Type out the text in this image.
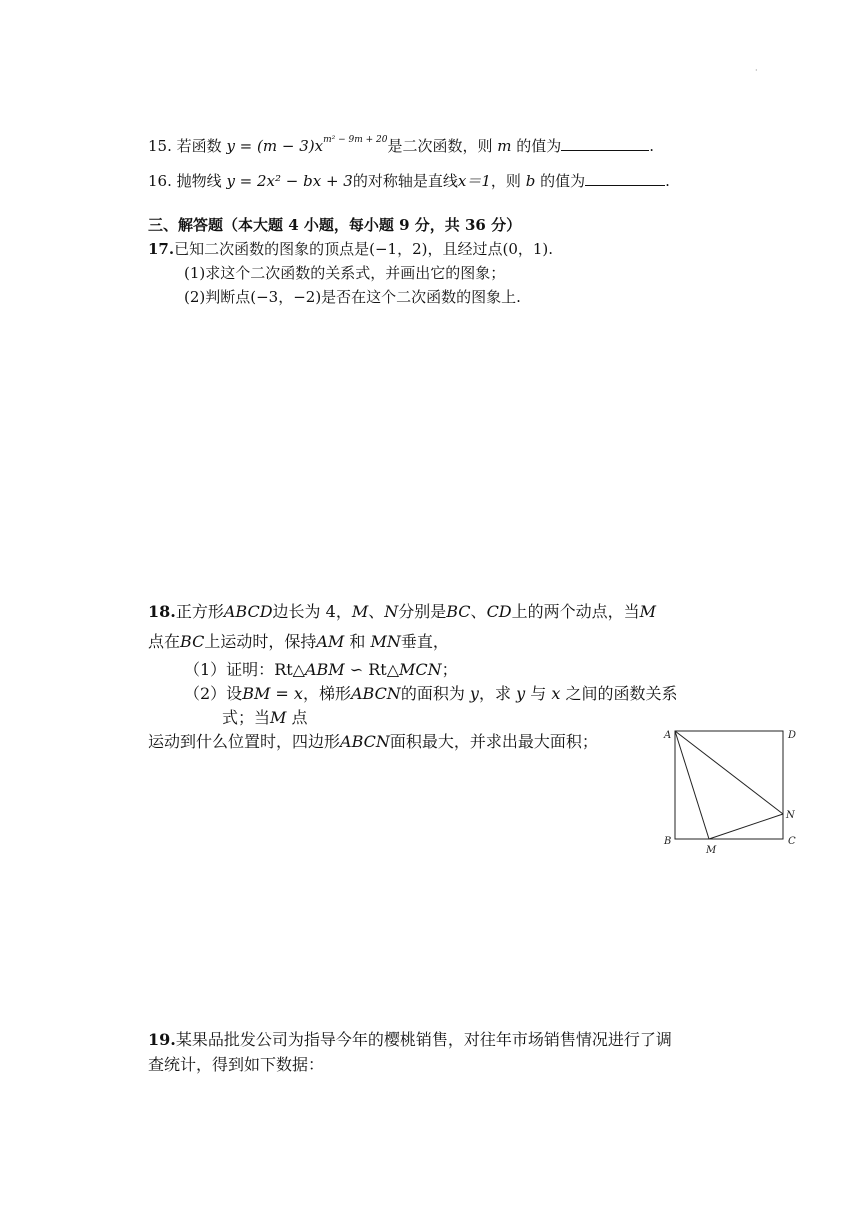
·
15. 若函数 $y = (m - 3)x^{m^2 - 9m + 20}$是二次函数，则 m 的值为	.
16. 抛物线 y = 2x² − bx + 3的对称轴是直线x＝1，则 b 的值为	.
三、解答题（本大题 4 小题，每小题 9 分，共 36 分）
17.已知二次函数的图象的顶点是(−1，2)，且经过点(0，1).
(1)求这个二次函数的关系式，并画出它的图象；
(2)判断点(−3，−2)是否在这个二次函数的图象上.
18.正方形ABCD边长为 4，M、N分别是BC、CD上的两个动点，当M
点在BC上运动时，保持AM 和 MN垂直，
（1）证明：Rt△ABM ∽ Rt△MCN；
（2）设BM = x，梯形ABCN的面积为 y，求 y 与 x 之间的函数关系
式；当M 点
运动到什么位置时，四边形ABCN面积最大，并求出最大面积；	A	D
B	C
M
N
19.某果品批发公司为指导今年的樱桃销售，对往年市场销售情况进行了调
查统计，得到如下数据：
